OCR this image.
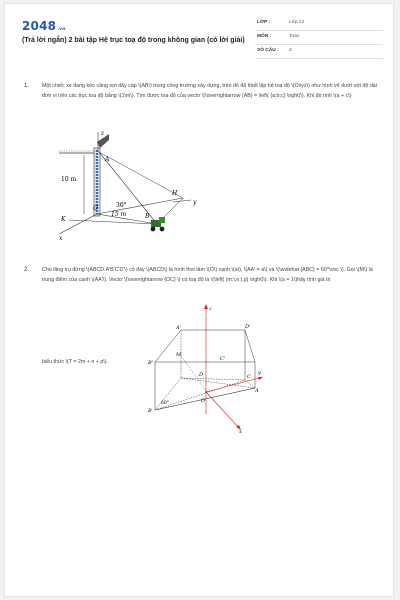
2048.vn
(Trả lời ngắn) 2 bài tập Hệ trục toạ độ trong không gian (có lời giải)
LỚP :	Lớp 12
MÔN :	Toán
SỐ CÂU : 2
1. Một chiếc xe đang kéo căng sợi dây cáp \(AB\) trong công trường xây dựng, trên đó đã thiết lập hệ toạ độ \(Oxyz\) như hình vẽ dưới với độ dài đơn vị trên các trục toạ độ bằng \(1\m\). Tìm được toạ độ của vectơ \(\overrightarrow {AB} = \left( {a;b;c} \right)\). Khi đó tính \(a + c\)
z
A
10 m
H
y
O	30°
15 m	B
K
x
2. Cho lăng trụ đứng \(ABCD.A'B'C'D'\) có đáy \(ABCD\) là hình thoi tâm \(O\) cạnh \(a\), \(AA' = a\) và \(\widehat {ABC} = 60^\circ \). Gọi \(M\) là trung điểm của cạnh \(AA'\). Vectơ \(\overrightarrow {OC} \) có toạ độ là \(\left( {m;\,n;\,p} \right)\). Khi \(a = 1\)hãy tính giá trị
biểu thức \(T = 2m + n + p\).
z
A'	D'
B'
C'
M
C
D
O
60°
B
A
y
x
